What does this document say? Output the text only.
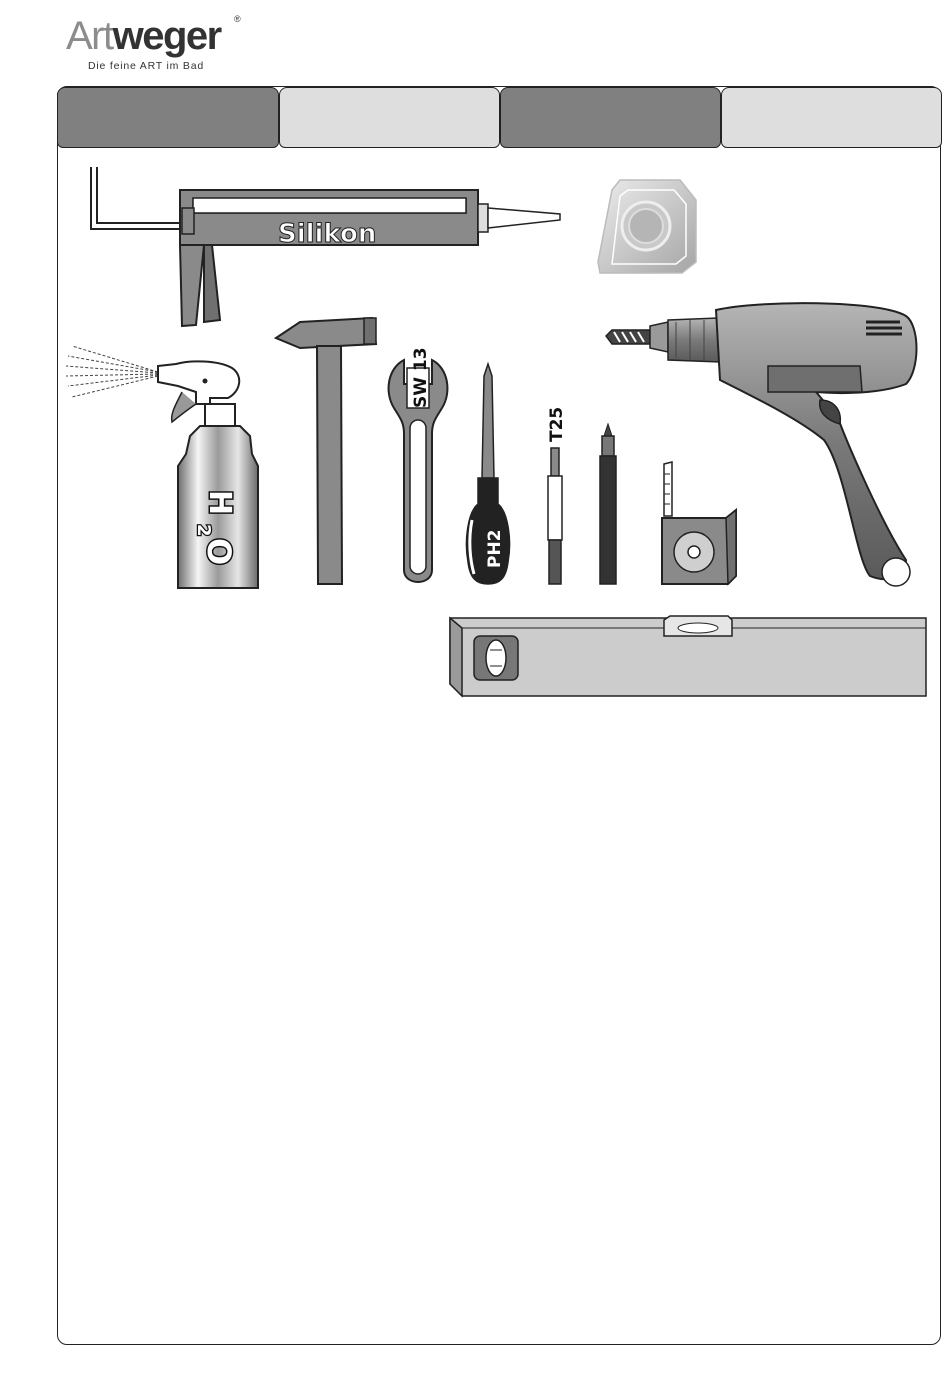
Artweger ®
Die feine ART im Bad
Silikon
H
2
O
SW 13
PH2
T25
